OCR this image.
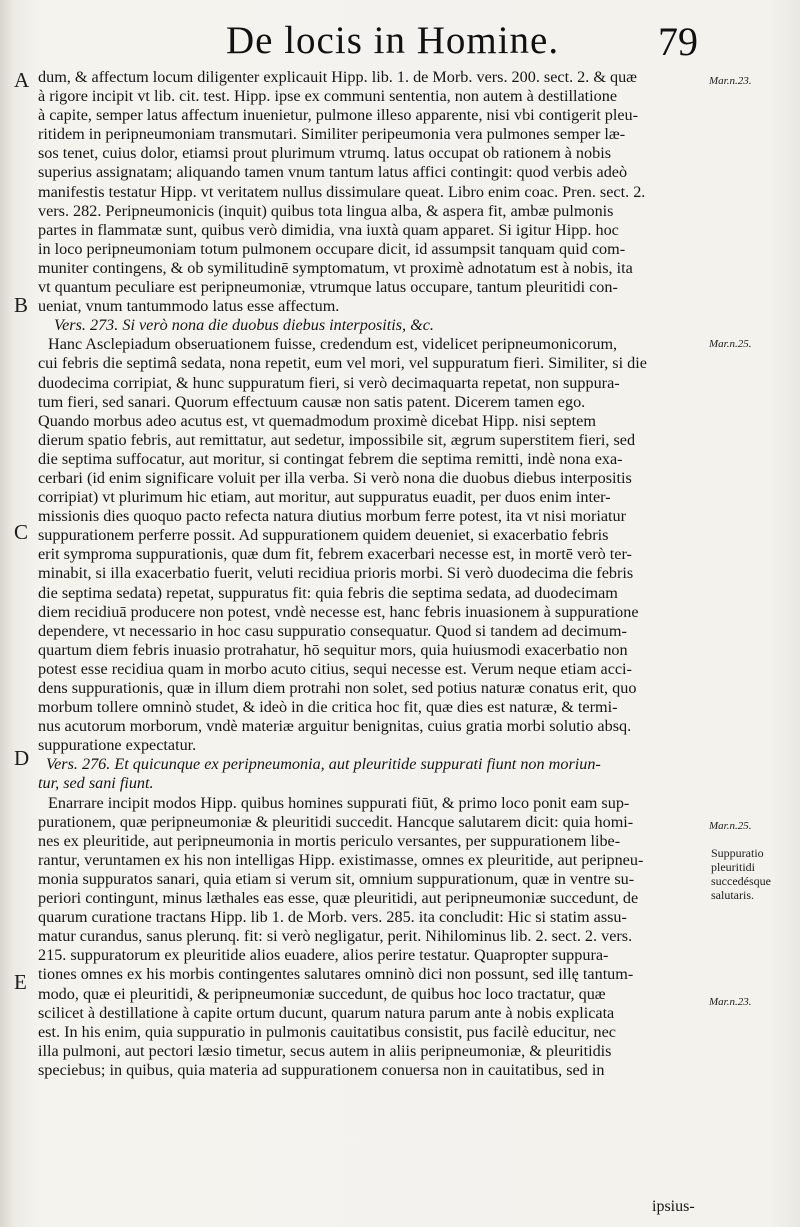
De locis in Homine. 79
dum, & affectum locum diligenter explicauit Hipp. lib. 1. de Morb. vers. 200. sect. 2. & quæ
à rigore incipit vt lib. cit. test. Hipp. ipse ex communi sententia, non autem à destillatione
à capite, semper latus affectum inuenietur, pulmone illeso apparente, nisi vbi contigerit pleu-
ritidem in peripneumoniam transmutari. Similiter peripeumonia vera pulmones semper læ-
sos tenet, cuius dolor, etiamsi prout plurimum vtrumq. latus occupat ob rationem à nobis
superius assignatam; aliquando tamen vnum tantum latus affici contingit: quod verbis adeò
manifestis testatur Hipp. vt veritatem nullus dissimulare queat. Libro enim coac. Pren. sect. 2.
vers. 282. Peripneumonicis (inquit) quibus tota lingua alba, & aspera fit, ambæ pulmonis
partes in flammatæ sunt, quibus verò dimidia, vna iuxtà quam apparet. Si igitur Hipp. hoc
in loco peripneumoniam totum pulmonem occupare dicit, id assumpsit tanquam quid com-
muniter contingens, & ob symilitudinē symptomatum, vt proximè adnotatum est à nobis, ita
vt quantum peculiare est peripneumoniæ, vtrumque latus occupare, tantum pleuritidi con-
ueniat, vnum tantummodo latus esse affectum.
Vers. 273. Si verò nona die duobus diebus interpositis, &c.
Hanc Asclepiadum obseruationem fuisse, credendum est, videlicet peripneumonicorum,
cui febris die septimâ sedata, nona repetit, eum vel mori, vel suppuratum fieri. Similiter, si die
duodecima corripiat, & hunc suppuratum fieri, si verò decimaquarta repetat, non suppura-
tum fieri, sed sanari. Quorum effectuum causæ non satis patent. Dicerem tamen ego.
Quando morbus adeo acutus est, vt quemadmodum proximè dicebat Hipp. nisi septem
dierum spatio febris, aut remittatur, aut sedetur, impossibile sit, ægrum superstitem fieri, sed
die septima suffocatur, aut moritur, si contingat febrem die septima remitti, indè nona exa-
cerbari (id enim significare voluit per illa verba. Si verò nona die duobus diebus interpositis
corripiat) vt plurimum hic etiam, aut moritur, aut suppuratus euadit, per duos enim inter-
missionis dies quoquo pacto refecta natura diutius morbum ferre potest, ita vt nisi moriatur
suppurationem perferre possit. Ad suppurationem quidem deueniet, si exacerbatio febris
erit symproma suppurationis, quæ dum fit, febrem exacerbari necesse est, in mortē verò ter-
minabit, si illa exacerbatio fuerit, veluti recidiua prioris morbi. Si verò duodecima die febris
die septima sedata) repetat, suppuratus fit: quia febris die septima sedata, ad duodecimam
diem recidiuā producere non potest, vndè necesse est, hanc febris inuasionem à suppuratione
dependere, vt necessario in hoc casu suppuratio consequatur. Quod si tandem ad decimum-
quartum diem febris inuasio protrahatur, hō sequitur mors, quia huiusmodi exacerbatio non
potest esse recidiua quam in morbo acuto citius, sequi necesse est. Verum neque etiam acci-
dens suppurationis, quæ in illum diem protrahi non solet, sed potius naturæ conatus erit, quo
morbum tollere omninò studet, & ideò in die critica hoc fit, quæ dies est naturæ, & termi-
nus acutorum morborum, vndè materiæ arguitur benignitas, cuius gratia morbi solutio absq.
suppuratione expectatur.
Vers. 276. Et quicunque ex peripneumonia, aut pleuritide suppurati fiunt non moriun-
tur, sed sani fiunt.
Enarrare incipit modos Hipp. quibus homines suppurati fiūt, & primo loco ponit eam sup-
purationem, quæ peripneumoniæ & pleuritidi succedit. Hancque salutarem dicit: quia homi-
nes ex pleuritide, aut peripneumonia in mortis periculo versantes, per suppurationem libe-
rantur, veruntamen ex his non intelligas Hipp. existimasse, omnes ex pleuritide, aut peripneu-
monia suppuratos sanari, quia etiam si verum sit, omnium suppurationum, quæ in ventre su-
periori contingunt, minus læthales eas esse, quæ pleuritidi, aut peripneumoniæ succedunt, de
quarum curatione tractans Hipp. lib 1. de Morb. vers. 285. ita concludit: Hic si statim assu-
matur curandus, sanus plerunq. fit: si verò negligatur, perit. Nihilominus lib. 2. sect. 2. vers.
215. suppuratorum ex pleuritide alios euadere, alios perire testatur. Quapropter suppura-
tiones omnes ex his morbis contingentes salutares omninò dici non possunt, sed illę tantum-
modo, quæ ei pleuritidi, & peripneumoniæ succedunt, de quibus hoc loco tractatur, quæ
scilicet à destillatione à capite ortum ducunt, quarum natura parum ante à nobis explicata
est. In his enim, quia suppuratio in pulmonis cauitatibus consistit, pus facilè educitur, nec
illa pulmoni, aut pectori læsio timetur, secus autem in aliis peripneumoniæ, & pleuritidis
speciebus; in quibus, quia materia ad suppurationem conuersa non in cauitatibus, sed in
A
B
C
D
E
Mar.n.23.
Mar.n.25.
Mar.n.25.
Mar.n.23.
Suppuratio
pleuritidi
succedésque
salutaris.
ipsius-
